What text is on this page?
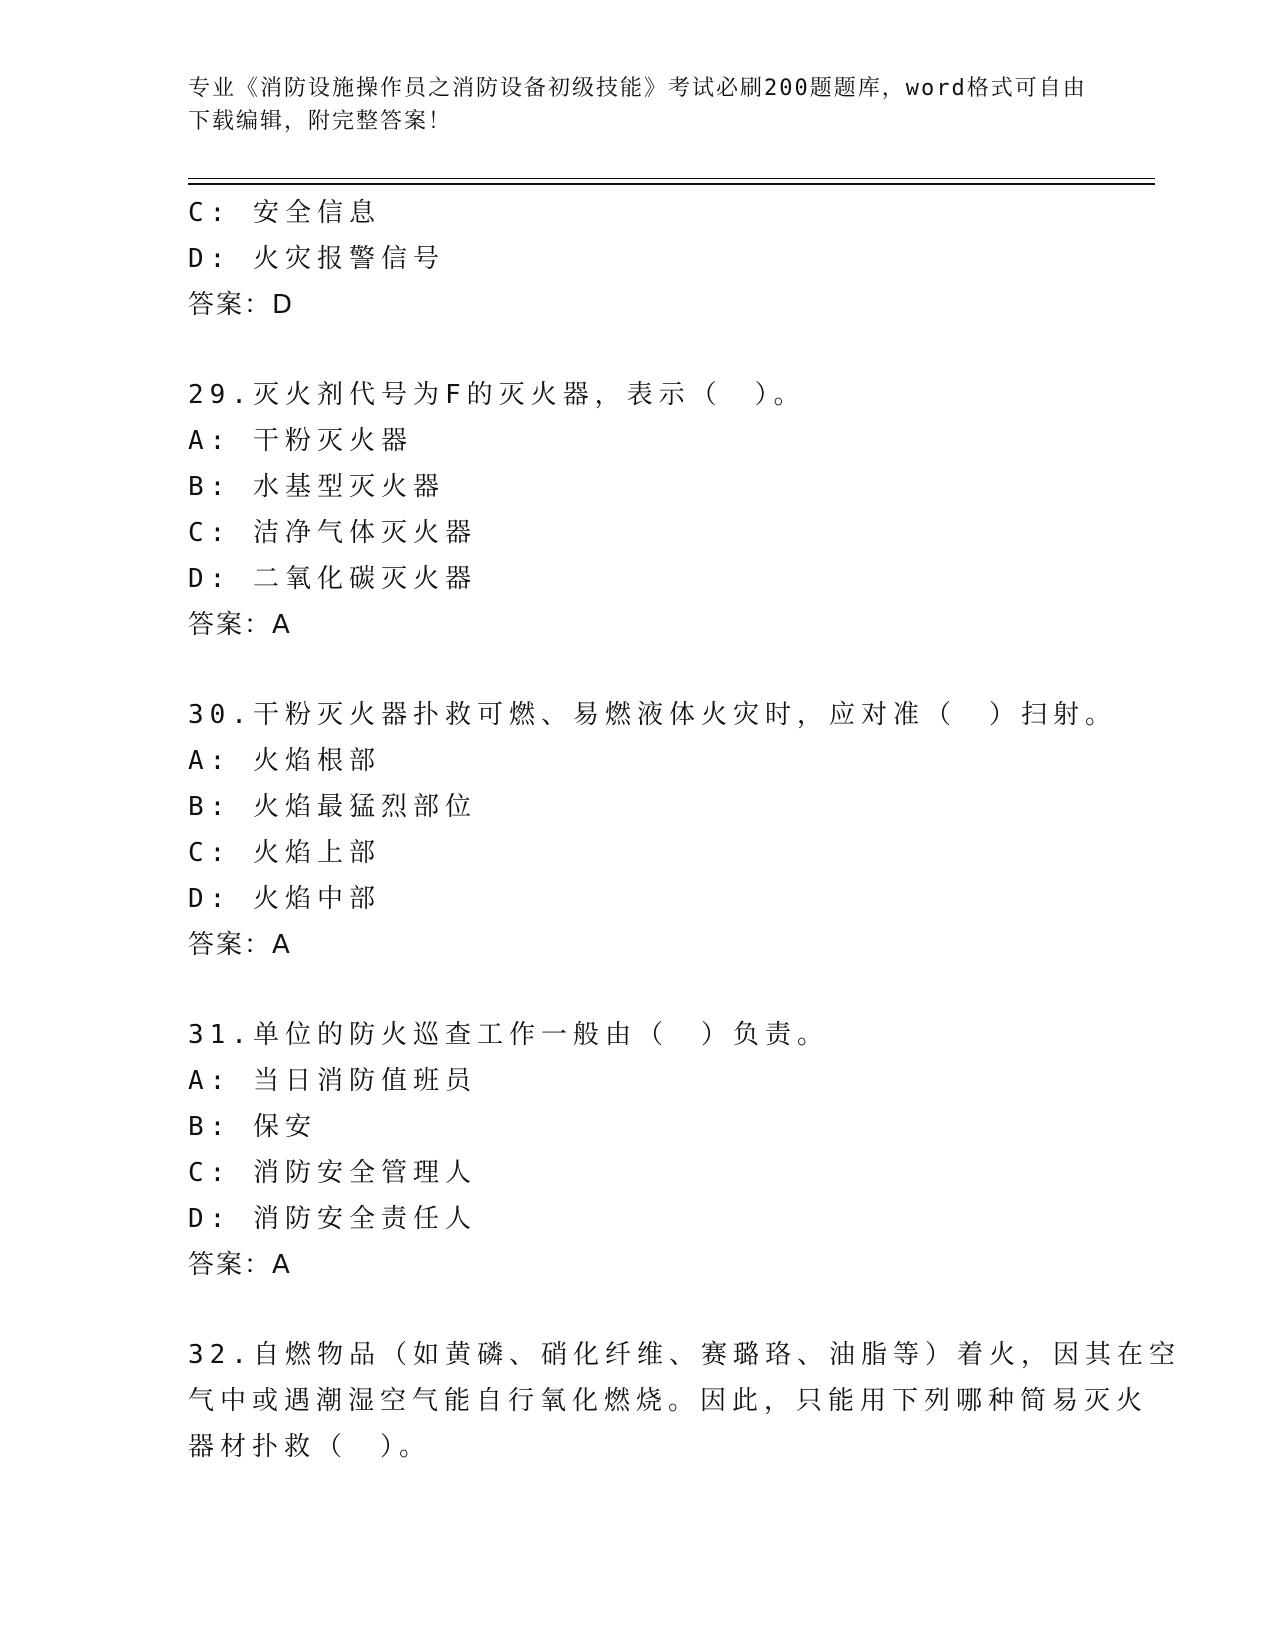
专业《消防设施操作员之消防设备初级技能》考试必刷200题题库，word格式可自由下载编辑，附完整答案！
C: 安全信息
D: 火灾报警信号
答案：D
29.灭火剂代号为F的灭火器，表示（　）。
A: 干粉灭火器
B: 水基型灭火器
C: 洁净气体灭火器
D: 二氧化碳灭火器
答案：A
30.干粉灭火器扑救可燃、易燃液体火灾时，应对准（　）扫射。
A: 火焰根部
B: 火焰最猛烈部位
C: 火焰上部
D: 火焰中部
答案：A
31.单位的防火巡查工作一般由（　）负责。
A: 当日消防值班员
B: 保安
C: 消防安全管理人
D: 消防安全责任人
答案：A
32.自燃物品（如黄磷、硝化纤维、赛璐珞、油脂等）着火，因其在空
气中或遇潮湿空气能自行氧化燃烧。因此，只能用下列哪种简易灭火
器材扑救（　）。
